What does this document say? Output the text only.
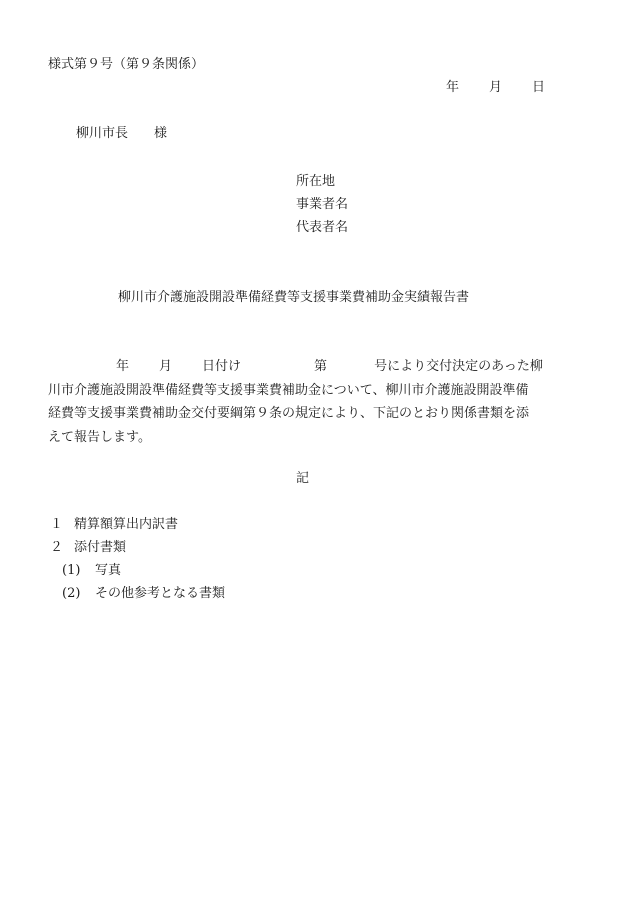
様式第９号（第９条関係）
年 月 日
柳川市長 様
所在地
事業者名
代表者名
柳川市介護施設開設準備経費等支援事業費補助金実績報告書
年 月 日付け	第	号により交付決定のあった柳
川市介護施設開設準備経費等支援事業費補助金について、柳川市介護施設開設準備
経費等支援事業費補助金交付要綱第９条の規定により、下記のとおり関係書類を添
えて報告します。
記
１ 精算額算出内訳書
２ 添付書類
(1) 写真
(2) その他参考となる書類
